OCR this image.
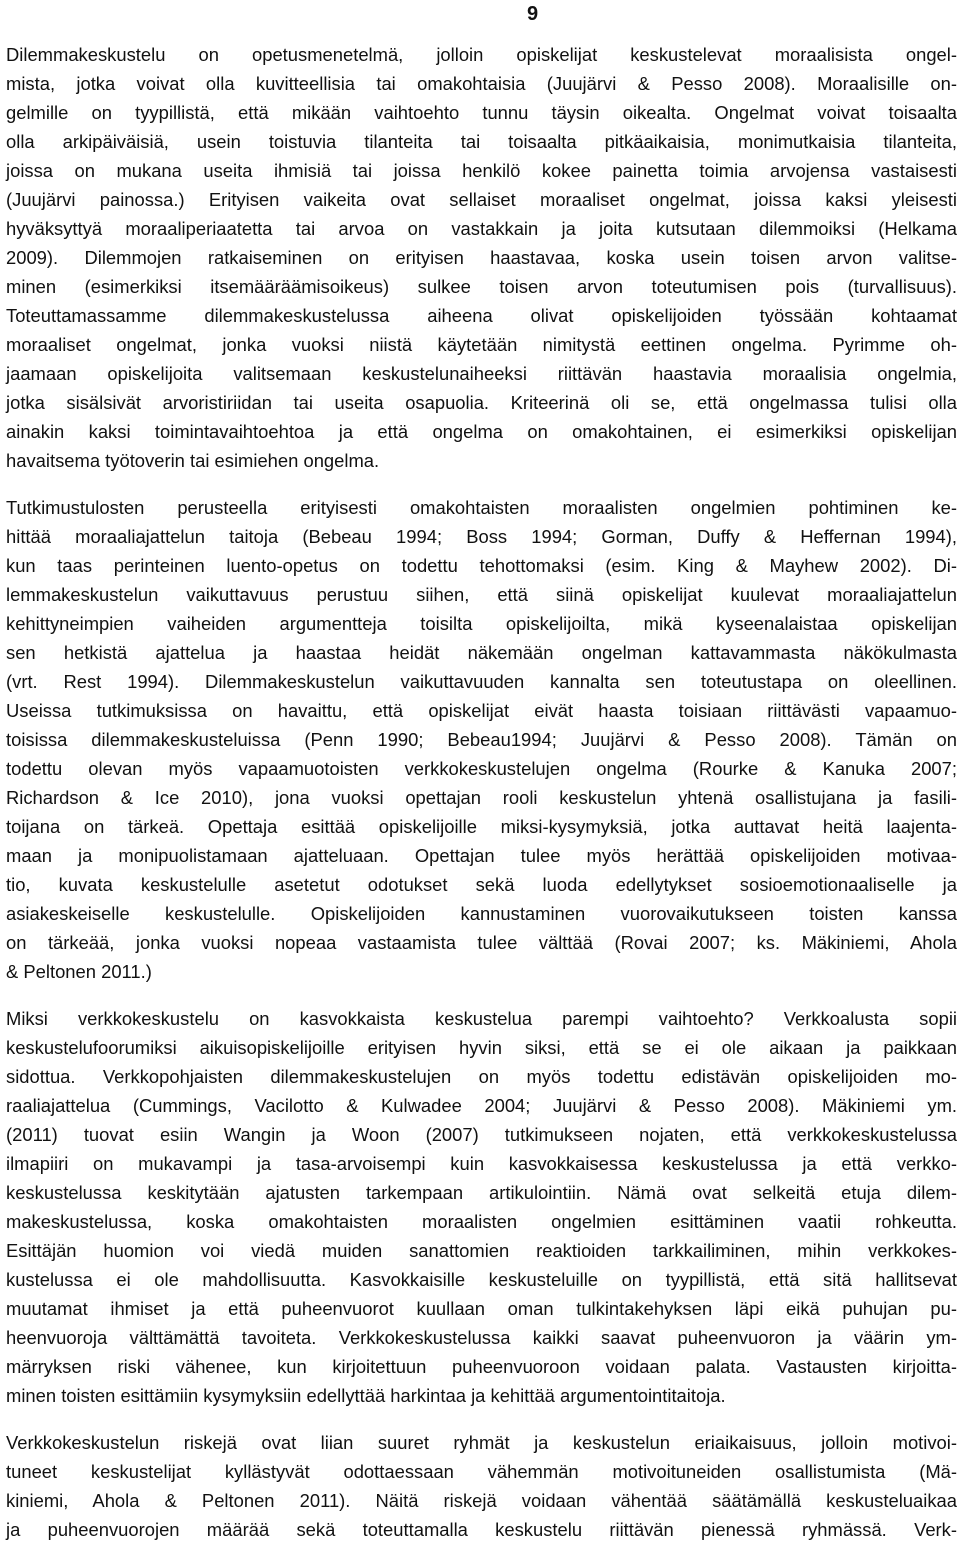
9
Dilemmakeskustelu on opetusmenetelmä, jolloin opiskelijat keskustelevat moraalisista ongel-
mista, jotka voivat olla kuvitteellisia tai omakohtaisia (Juujärvi & Pesso 2008). Moraalisille on-
gelmille on tyypillistä, että mikään vaihtoehto tunnu täysin oikealta. Ongelmat voivat toisaalta
olla arkipäiväisiä, usein toistuvia tilanteita tai toisaalta pitkäaikaisia, monimutkaisia tilanteita,
joissa on mukana useita ihmisiä tai joissa henkilö kokee painetta toimia arvojensa vastaisesti
(Juujärvi painossa.) Erityisen vaikeita ovat sellaiset moraaliset ongelmat, joissa kaksi yleisesti
hyväksyttyä moraaliperiaatetta tai arvoa on vastakkain ja joita kutsutaan dilemmoiksi (Helkama
2009). Dilemmojen ratkaiseminen on erityisen haastavaa, koska usein toisen arvon valitse-
minen (esimerkiksi itsemääräämisoikeus) sulkee toisen arvon toteutumisen pois (turvallisuus).
Toteuttamassamme dilemmakeskustelussa aiheena olivat opiskelijoiden työssään kohtaamat
moraaliset ongelmat, jonka vuoksi niistä käytetään nimitystä eettinen ongelma. Pyrimme oh-
jaamaan opiskelijoita valitsemaan keskustelunaiheeksi riittävän haastavia moraalisia ongelmia,
jotka sisälsivät arvoristiriidan tai useita osapuolia. Kriteerinä oli se, että ongelmassa tulisi olla
ainakin kaksi toimintavaihtoehtoa ja että ongelma on omakohtainen, ei esimerkiksi opiskelijan
havaitsema työtoverin tai esimiehen ongelma.
Tutkimustulosten perusteella erityisesti omakohtaisten moraalisten ongelmien pohtiminen ke-
hittää moraaliajattelun taitoja (Bebeau 1994; Boss 1994; Gorman, Duffy & Heffernan 1994),
kun taas perinteinen luento-opetus on todettu tehottomaksi (esim. King & Mayhew 2002). Di-
lemmakeskustelun vaikuttavuus perustuu siihen, että siinä opiskelijat kuulevat moraaliajattelun
kehittyneimpien vaiheiden argumentteja toisilta opiskelijoilta, mikä kyseenalaistaa opiskelijan
sen hetkistä ajattelua ja haastaa heidät näkemään ongelman kattavammasta näkökulmasta
(vrt. Rest 1994). Dilemmakeskustelun vaikuttavuuden kannalta sen toteutustapa on oleellinen.
Useissa tutkimuksissa on havaittu, että opiskelijat eivät haasta toisiaan riittävästi vapaamuo-
toisissa dilemmakeskusteluissa (Penn 1990; Bebeau1994; Juujärvi & Pesso 2008). Tämän on
todettu olevan myös vapaamuotoisten verkkokeskustelujen ongelma (Rourke & Kanuka 2007;
Richardson & Ice 2010), jona vuoksi opettajan rooli keskustelun yhtenä osallistujana ja fasili-
toijana on tärkeä. Opettaja esittää opiskelijoille miksi-kysymyksiä, jotka auttavat heitä laajenta-
maan ja monipuolistamaan ajatteluaan. Opettajan tulee myös herättää opiskelijoiden motivaa-
tio, kuvata keskustelulle asetetut odotukset sekä luoda edellytykset sosioemotionaaliselle ja
asiakeskeiselle keskustelulle. Opiskelijoiden kannustaminen vuorovaikutukseen toisten kanssa
on tärkeää, jonka vuoksi nopeaa vastaamista tulee välttää (Rovai 2007; ks. Mäkiniemi, Ahola
& Peltonen 2011.)
Miksi verkkokeskustelu on kasvokkaista keskustelua parempi vaihtoehto? Verkkoalusta sopii
keskustelufoorumiksi aikuisopiskelijoille erityisen hyvin siksi, että se ei ole aikaan ja paikkaan
sidottua. Verkkopohjaisten dilemmakeskustelujen on myös todettu edistävän opiskelijoiden mo-
raaliajattelua (Cummings, Vacilotto & Kulwadee 2004; Juujärvi & Pesso 2008). Mäkiniemi ym.
(2011) tuovat esiin Wangin ja Woon (2007) tutkimukseen nojaten, että verkkokeskustelussa
ilmapiiri on mukavampi ja tasa-arvoisempi kuin kasvokkaisessa keskustelussa ja että verkko-
keskustelussa keskitytään ajatusten tarkempaan artikulointiin. Nämä ovat selkeitä etuja dilem-
makeskustelussa, koska omakohtaisten moraalisten ongelmien esittäminen vaatii rohkeutta.
Esittäjän huomion voi viedä muiden sanattomien reaktioiden tarkkailiminen, mihin verkkokes-
kustelussa ei ole mahdollisuutta. Kasvokkaisille keskusteluille on tyypillistä, että sitä hallitsevat
muutamat ihmiset ja että puheenvuorot kuullaan oman tulkintakehyksen läpi eikä puhujan pu-
heenvuoroja välttämättä tavoiteta. Verkkokeskustelussa kaikki saavat puheenvuoron ja väärin ym-
märryksen riski vähenee, kun kirjoitettuun puheenvuoroon voidaan palata. Vastausten kirjoitta-
minen toisten esittämiin kysymyksiin edellyttää harkintaa ja kehittää argumentointitaitoja.
Verkkokeskustelun riskejä ovat liian suuret ryhmät ja keskustelun eriaikaisuus, jolloin motivoi-
tuneet keskustelijat kyllästyvät odottaessaan vähemmän motivoituneiden osallistumista (Mä-
kiniemi, Ahola & Peltonen 2011). Näitä riskejä voidaan vähentää säätämällä keskusteluaikaa
ja puheenvuorojen määrää sekä toteuttamalla keskustelu riittävän pienessä ryhmässä. Verk-
